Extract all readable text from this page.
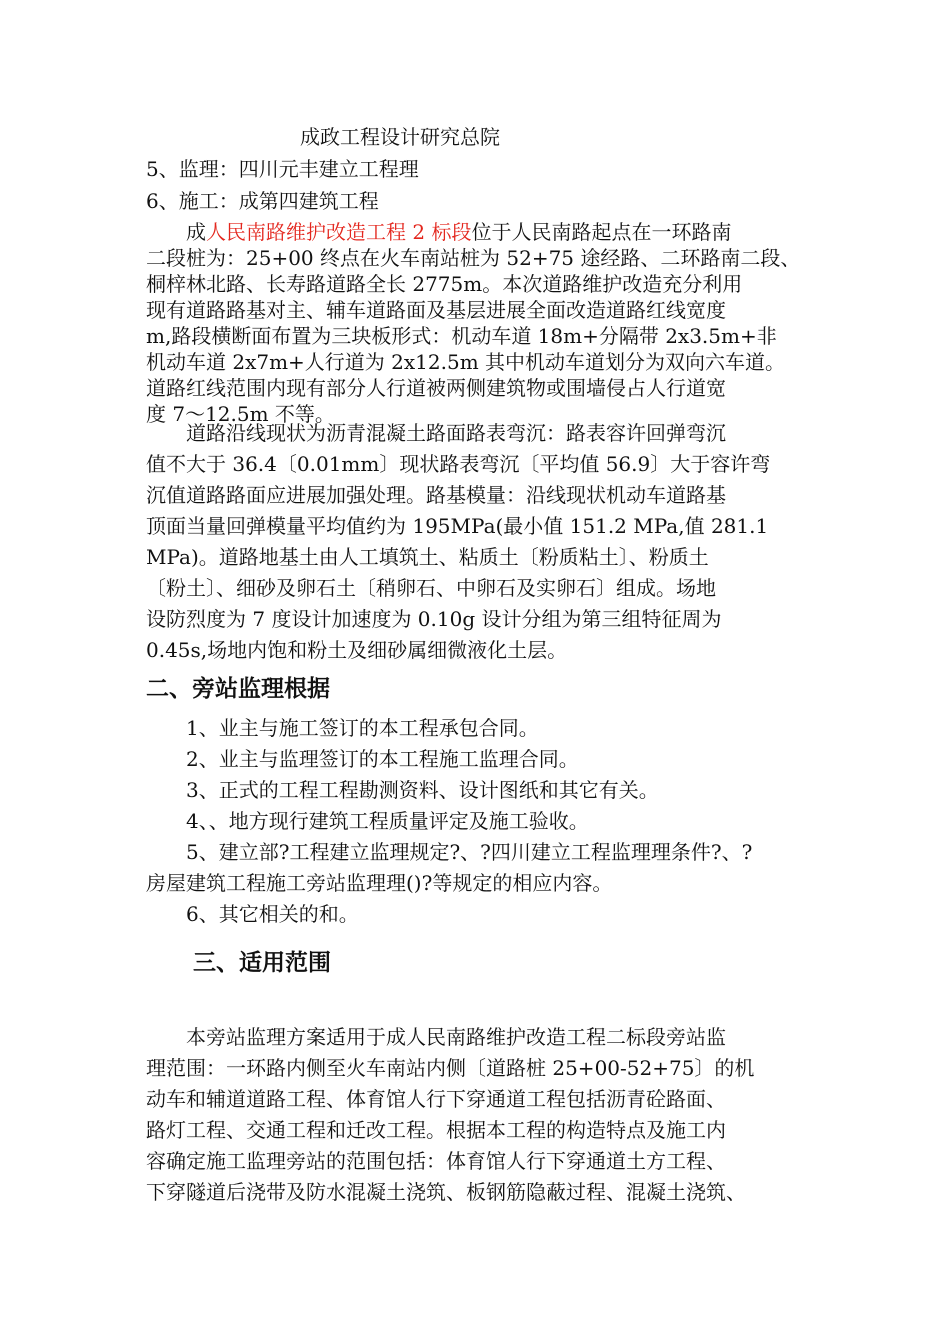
成政工程设计研究总院

5、监理：四川元丰建立工程理

6、施工：成第四建筑工程

成人民南路维护改造工程 2 标段位于人民南路起点在一环路南

二段桩为：25+00 终点在火车南站桩为 52+75 途经路、二环路南二段、

桐梓林北路、长寿路道路全长 2775m。本次道路维护改造充分利用

现有道路路基对主、辅车道路面及基层进展全面改造道路红线宽度

m,路段横断面布置为三块板形式：机动车道 18m+分隔带 2x3.5m+非

机动车道 2x7m+人行道为 2x12.5m 其中机动车道划分为双向六车道。

道路红线范围内现有部分人行道被两侧建筑物或围墙侵占人行道宽

度 7～12.5m 不等。

道路沿线现状为沥青混凝土路面路表弯沉：路表容许回弹弯沉

值不大于 36.4〔0.01mm〕现状路表弯沉〔平均值 56.9〕大于容许弯

沉值道路路面应进展加强处理。路基模量：沿线现状机动车道路基

顶面当量回弹模量平均值约为 195MPa(最小值 151.2 MPa,值 281.1

MPa)。道路地基土由人工填筑土、粘质土〔粉质粘土〕、粉质土

〔粉土〕、细砂及卵石土〔稍卵石、中卵石及实卵石〕组成。场地

设防烈度为 7 度设计加速度为 0.10g 设计分组为第三组特征周为

0.45s,场地内饱和粉土及细砂属细微液化土层。

二、旁站监理根据

1、业主与施工签订的本工程承包合同。

2、业主与监理签订的本工程施工监理合同。

3、正式的工程工程勘测资料、设计图纸和其它有关。

4、、地方现行建筑工程质量评定及施工验收。

5、建立部?工程建立监理规定?、?四川建立工程监理理条件?、?

房屋建筑工程施工旁站监理理()?等规定的相应内容。

6、其它相关的和。

三、适用范围

本旁站监理方案适用于成人民南路维护改造工程二标段旁站监

理范围：一环路内侧至火车南站内侧〔道路桩 25+00-52+75〕的机

动车和辅道道路工程、体育馆人行下穿通道工程包括沥青砼路面、

路灯工程、交通工程和迁改工程。根据本工程的构造特点及施工内

容确定施工监理旁站的范围包括：体育馆人行下穿通道土方工程、

下穿隧道后浇带及防水混凝土浇筑、板钢筋隐蔽过程、混凝土浇筑、
